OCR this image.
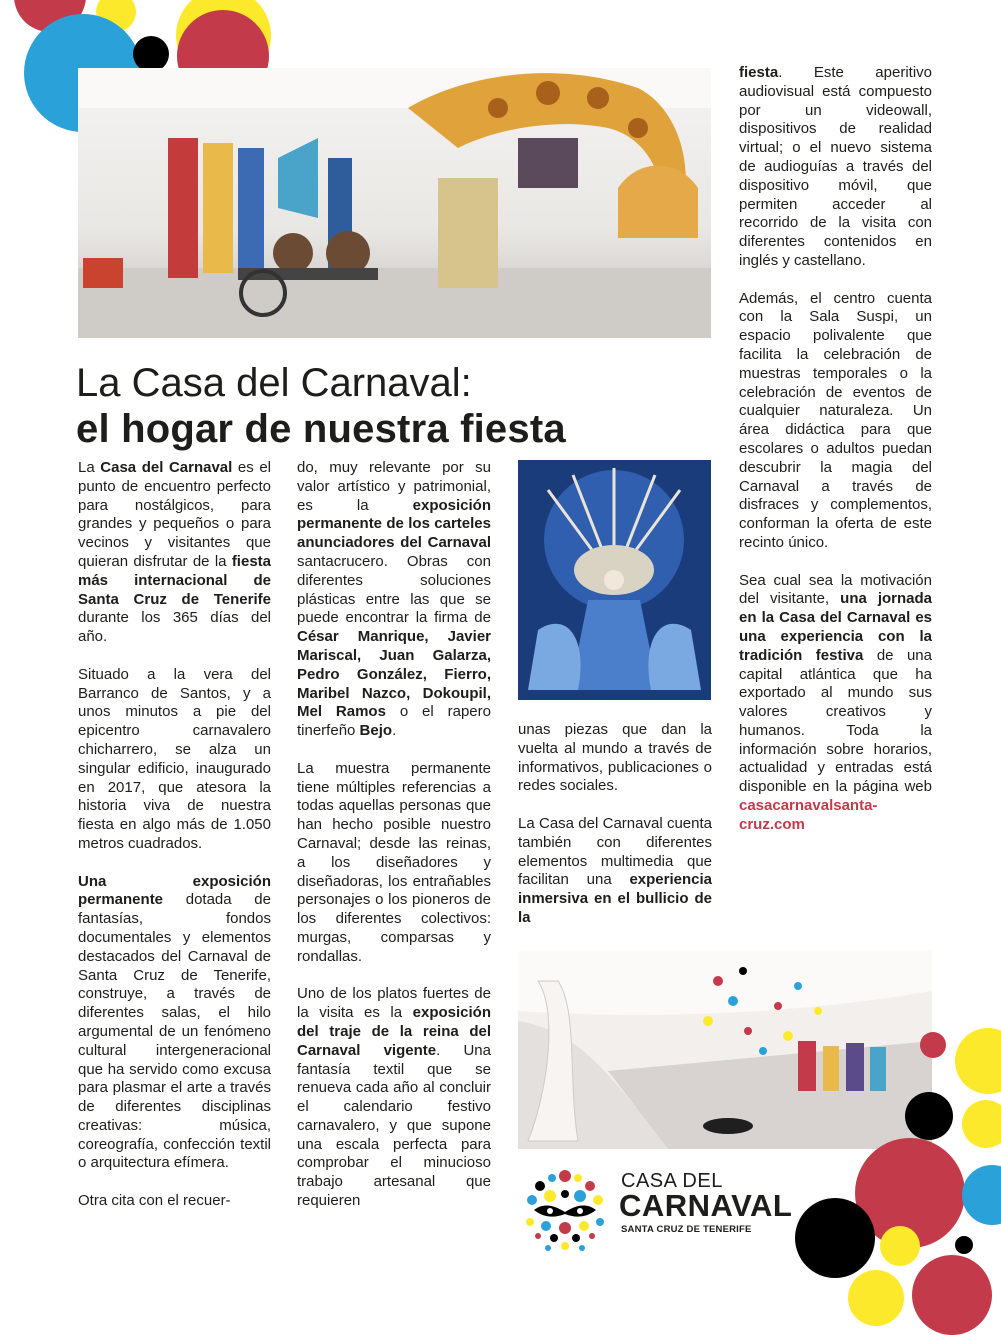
La Casa del Carnaval:
el hogar de nuestra fiesta

La Casa del Carnaval es el punto de encuentro perfecto para nostálgicos, para grandes y pequeños o para vecinos y visitantes que quieran disfrutar de la fiesta más internacional de Santa Cruz de Tenerife durante los 365 días del año.

Situado a la vera del Barranco de Santos, y a unos minutos a pie del epicentro carnavalero chicharrero, se alza un singular edificio, inaugurado en 2017, que atesora la historia viva de nuestra fiesta en algo más de 1.050 metros cuadrados.

Una exposición permanente dotada de fantasías, fondos documentales y elementos destacados del Carnaval de Santa Cruz de Tenerife, construye, a través de diferentes salas, el hilo argumental de un fenómeno cultural intergeneracional que ha servido como excusa para plasmar el arte a través de diferentes disciplinas creativas: música, coreografía, confección textil o arquitectura efímera.

Otra cita con el recuer-

do, muy relevante por su valor artístico y patrimonial, es la exposición permanente de los carteles anunciadores del Carnaval santacrucero. Obras con diferentes soluciones plásticas entre las que se puede encontrar la firma de César Manrique, Javier Mariscal, Juan Galarza, Pedro González, Fierro, Maribel Nazco, Dokoupil, Mel Ramos o el rapero tinerfeño Bejo.

La muestra permanente tiene múltiples referencias a todas aquellas personas que han hecho posible nuestro Carnaval; desde las reinas, a los diseñadores y diseñadoras, los entrañables personajes o los pioneros de los diferentes colectivos: murgas, comparsas y rondallas.

Uno de los platos fuertes de la visita es la exposición del traje de la reina del Carnaval vigente. Una fantasía textil que se renueva cada año al concluir el calendario festivo carnavalero, y que supone una escala perfecta para comprobar el minucioso trabajo artesanal que requieren

unas piezas que dan la vuelta al mundo a través de informativos, publicaciones o redes sociales.

La Casa del Carnaval cuenta también con diferentes elementos multimedia que facilitan una experiencia inmersiva en el bullicio de la

fiesta. Este aperitivo audiovisual está compuesto por un videowall, dispositivos de realidad virtual; o el nuevo sistema de audioguías a través del dispositivo móvil, que permiten acceder al recorrido de la visita con diferentes contenidos en inglés y castellano.

Además, el centro cuenta con la Sala Suspi, un espacio polivalente que facilita la celebración de muestras temporales o la celebración de eventos de cualquier naturaleza. Un área didáctica para que escolares o adultos puedan descubrir la magia del Carnaval a través de disfraces y complementos, conforman la oferta de este recinto único.

Sea cual sea la motivación del visitante, una jornada en la Casa del Carnaval es una experiencia con la tradición festiva de una capital atlántica que ha exportado al mundo sus valores creativos y humanos. Toda la información sobre horarios, actualidad y entradas está disponible en la página web casacarnavalsanta-cruz.com

CASA DEL
CARNAVAL
SANTA CRUZ DE TENERIFE
